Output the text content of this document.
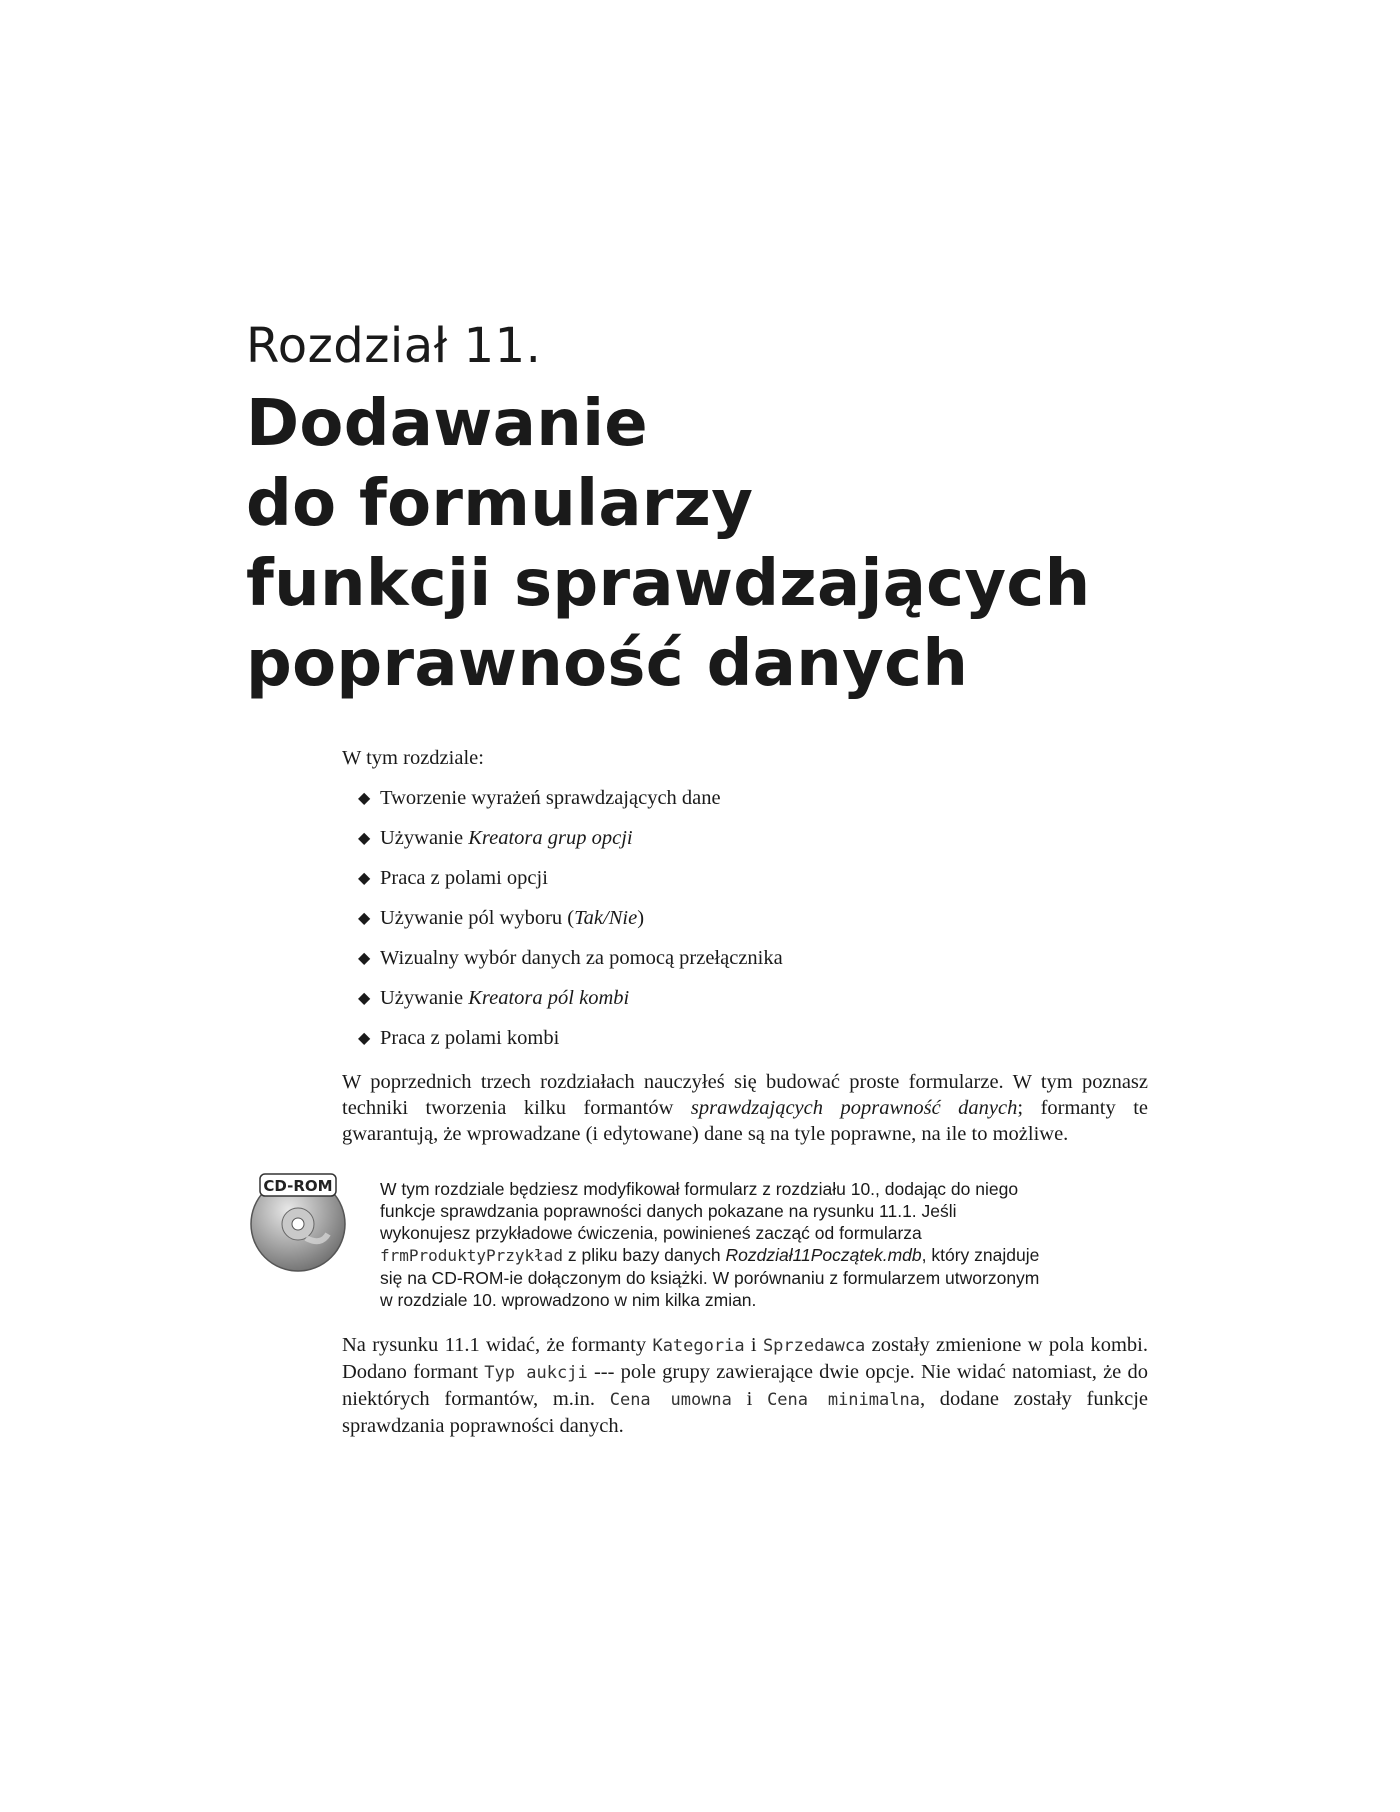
Rozdział 11.
Dodawanie
do formularzy
funkcji sprawdzających
poprawność danych

W tym rozdziale:

◆ Tworzenie wyrażeń sprawdzających dane
◆ Używanie Kreatora grup opcji
◆ Praca z polami opcji
◆ Używanie pól wyboru (Tak/Nie)
◆ Wizualny wybór danych za pomocą przełącznika
◆ Używanie Kreatora pól kombi
◆ Praca z polami kombi

W poprzednich trzech rozdziałach nauczyłeś się budować proste formularze. W tym poznasz techniki tworzenia kilku formantów sprawdzających poprawność danych; formanty te gwarantują, że wprowadzane (i edytowane) dane są na tyle poprawne, na ile to możliwe.

CD-ROM	W tym rozdziale będziesz modyfikował formularz z rozdziału 10., dodając do niego funkcje sprawdzania poprawności danych pokazane na rysunku 11.1. Jeśli wykonujesz przykładowe ćwiczenia, powinieneś zacząć od formularza frmProduktyPrzykład z pliku bazy danych Rozdział11Początek.mdb, który znajduje się na CD-ROM-ie dołączonym do książki. W porównaniu z formularzem utworzonym w rozdziale 10. wprowadzono w nim kilka zmian.

Na rysunku 11.1 widać, że formanty Kategoria i Sprzedawca zostały zmienione w pola kombi. Dodano formant Typ aukcji --- pole grupy zawierające dwie opcje. Nie widać natomiast, że do niektórych formantów, m.in. Cena umowna i Cena minimalna, dodane zostały funkcje sprawdzania poprawności danych.
